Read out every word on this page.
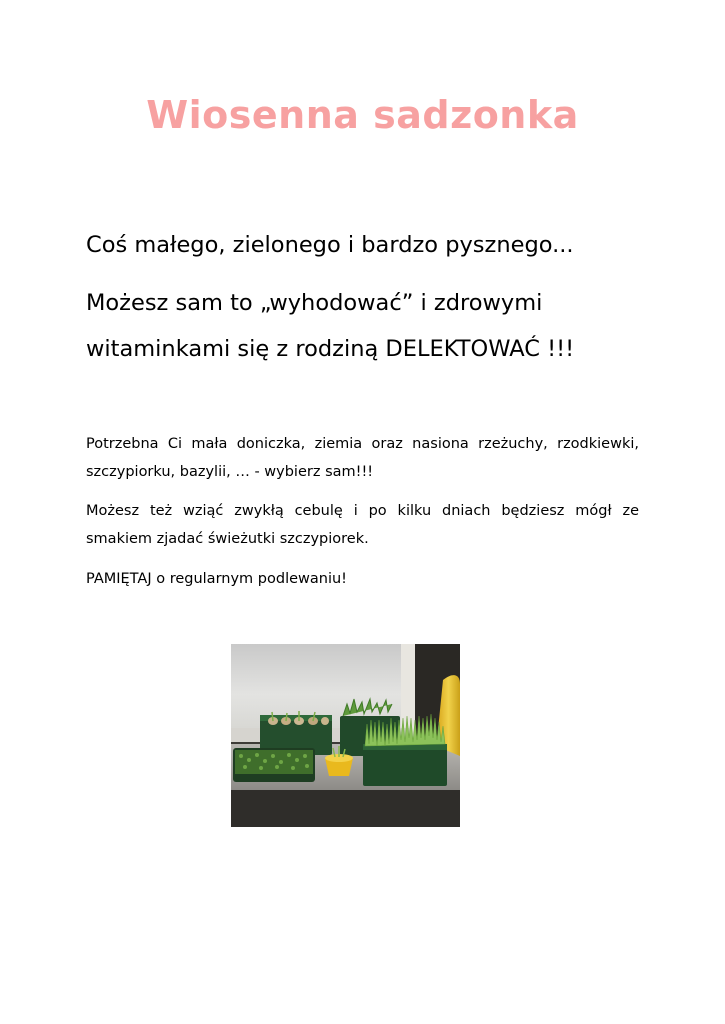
Wiosenna sadzonka

Coś małego, zielonego i bardzo pysznego...

Możesz sam to „wyhodować” i zdrowymi witaminkami się z rodziną DELEKTOWAĆ !!!

Potrzebna Ci mała doniczka, ziemia oraz nasiona rzeżuchy, rzodkiewki, szczypiorku, bazylii, … - wybierz sam!!!

Możesz też wziąć zwykłą cebulę i po kilku dniach będziesz mógł ze smakiem zjadać świeżutki szczypiorek.

PAMIĘTAJ o regularnym podlewaniu!
